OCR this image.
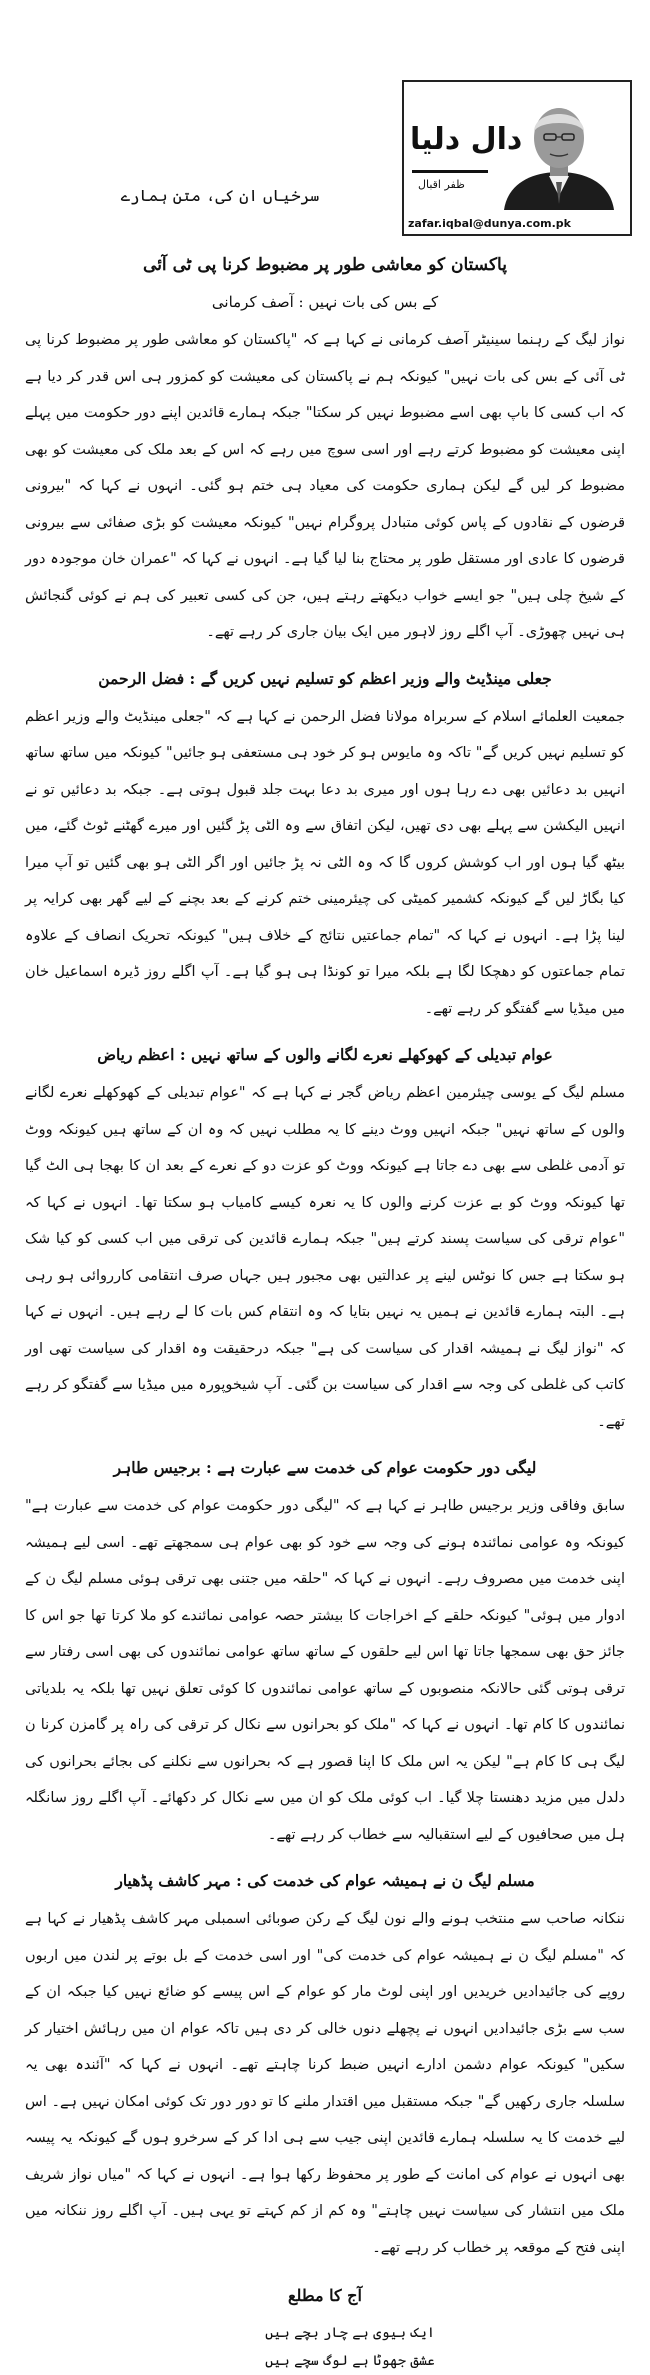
دال دلیا
ظفر اقبال
zafar.iqbal@dunya.com.pk
سرخیاں ان کی، متن ہمارے
پاکستان کو معاشی طور پر مضبوط کرنا پی ٹی آئی
کے بس کی بات نہیں : آصف کرمانی

نواز لیگ کے رہنما سینیٹر آصف کرمانی نے کہا ہے کہ "پاکستان کو معاشی طور پر مضبوط کرنا پی ٹی آئی کے بس کی بات نہیں" کیونکہ ہم نے پاکستان کی معیشت کو کمزور ہی اس قدر کر دیا ہے کہ اب کسی کا باپ بھی اسے مضبوط نہیں کر سکتا" جبکہ ہمارے قائدین اپنے دور حکومت میں پہلے اپنی معیشت کو مضبوط کرتے رہے اور اسی سوچ میں رہے کہ اس کے بعد ملک کی معیشت کو بھی مضبوط کر لیں گے لیکن ہماری حکومت کی معیاد ہی ختم ہو گئی۔ انہوں نے کہا کہ "بیرونی قرضوں کے نقادوں کے پاس کوئی متبادل پروگرام نہیں" کیونکہ معیشت کو بڑی صفائی سے بیرونی قرضوں کا عادی اور مستقل طور پر محتاج بنا لیا گیا ہے۔ انہوں نے کہا کہ "عمران خان موجودہ دور کے شیخ چلی ہیں" جو ایسے خواب دیکھتے رہتے ہیں، جن کی کسی تعبیر کی ہم نے کوئی گنجائش ہی نہیں چھوڑی۔ آپ اگلے روز لاہور میں ایک بیان جاری کر رہے تھے۔

جعلی مینڈیٹ والے وزیر اعظم کو تسلیم نہیں کریں گے : فضل الرحمن

جمعیت العلمائے اسلام کے سربراہ مولانا فضل الرحمن نے کہا ہے کہ "جعلی مینڈیٹ والے وزیر اعظم کو تسلیم نہیں کریں گے" تاکہ وہ مایوس ہو کر خود ہی مستعفی ہو جائیں" کیونکہ میں ساتھ ساتھ انہیں بد دعائیں بھی دے رہا ہوں اور میری بد دعا بہت جلد قبول ہوتی ہے۔ جبکہ بد دعائیں تو نے انہیں الیکشن سے پہلے بھی دی تھیں، لیکن اتفاق سے وہ الٹی پڑ گئیں اور میرے گھٹنے ٹوٹ گئے، میں بیٹھ گیا ہوں اور اب کوشش کروں گا کہ وہ الٹی نہ پڑ جائیں اور اگر الٹی ہو بھی گئیں تو آپ میرا کیا بگاڑ لیں گے کیونکہ کشمیر کمیٹی کی چیئرمینی ختم کرنے کے بعد بچنے کے لیے گھر بھی کرایہ پر لینا پڑا ہے۔ انہوں نے کہا کہ "تمام جماعتیں نتائج کے خلاف ہیں" کیونکہ تحریک انصاف کے علاوہ تمام جماعتوں کو دھچکا لگا ہے بلکہ میرا تو کونڈا ہی ہو گیا ہے۔ آپ اگلے روز ڈیرہ اسماعیل خان میں میڈیا سے گفتگو کر رہے تھے۔

عوام تبدیلی کے کھوکھلے نعرے لگانے والوں کے ساتھ نہیں : اعظم ریاض

مسلم لیگ کے یوسی چیئرمین اعظم ریاض گجر نے کہا ہے کہ "عوام تبدیلی کے کھوکھلے نعرے لگانے والوں کے ساتھ نہیں" جبکہ انہیں ووٹ دینے کا یہ مطلب نہیں کہ وہ ان کے ساتھ ہیں کیونکہ ووٹ تو آدمی غلطی سے بھی دے جاتا ہے کیونکہ ووٹ کو عزت دو کے نعرے کے بعد ان کا بھجا ہی الٹ گیا تھا کیونکہ ووٹ کو بے عزت کرنے والوں کا یہ نعرہ کیسے کامیاب ہو سکتا تھا۔ انہوں نے کہا کہ "عوام ترقی کی سیاست پسند کرتے ہیں" جبکہ ہمارے قائدین کی ترقی میں اب کسی کو کیا شک ہو سکتا ہے جس کا نوٹس لینے پر عدالتیں بھی مجبور ہیں جہاں صرف انتقامی کارروائی ہو رہی ہے۔ البتہ ہمارے قائدین نے ہمیں یہ نہیں بتایا کہ وہ انتقام کس بات کا لے رہے ہیں۔ انہوں نے کہا کہ "نواز لیگ نے ہمیشہ اقدار کی سیاست کی ہے" جبکہ درحقیقت وہ اقدار کی سیاست تھی اور کاتب کی غلطی کی وجہ سے اقدار کی سیاست بن گئی۔ آپ شیخوپورہ میں میڈیا سے گفتگو کر رہے تھے۔

لیگی دور حکومت عوام کی خدمت سے عبارت ہے : برجیس طاہر

سابق وفاقی وزیر برجیس طاہر نے کہا ہے کہ "لیگی دور حکومت عوام کی خدمت سے عبارت ہے" کیونکہ وہ عوامی نمائندہ ہونے کی وجہ سے خود کو بھی عوام ہی سمجھتے تھے۔ اسی لیے ہمیشہ اپنی خدمت میں مصروف رہے۔ انہوں نے کہا کہ "حلقہ میں جتنی بھی ترقی ہوئی مسلم لیگ ن کے ادوار میں ہوئی" کیونکہ حلقے کے اخراجات کا بیشتر حصہ عوامی نمائندے کو ملا کرتا تھا جو اس کا جائز حق بھی سمجھا جاتا تھا اس لیے حلقوں کے ساتھ ساتھ عوامی نمائندوں کی بھی اسی رفتار سے ترقی ہوتی گئی حالانکہ منصوبوں کے ساتھ عوامی نمائندوں کا کوئی تعلق نہیں تھا بلکہ یہ بلدیاتی نمائندوں کا کام تھا۔ انہوں نے کہا کہ "ملک کو بحرانوں سے نکال کر ترقی کی راہ پر گامزن کرنا ن لیگ ہی کا کام ہے" لیکن یہ اس ملک کا اپنا قصور ہے کہ بحرانوں سے نکلنے کی بجائے بحرانوں کی دلدل میں مزید دھنستا چلا گیا۔ اب کوئی ملک کو ان میں سے نکال کر دکھائے۔ آپ اگلے روز سانگلہ ہل میں صحافیوں کے لیے استقبالیہ سے خطاب کر رہے تھے۔

مسلم لیگ ن نے ہمیشہ عوام کی خدمت کی : مہر کاشف پڈھیار

ننکانہ صاحب سے منتخب ہونے والے نون لیگ کے رکن صوبائی اسمبلی مہر کاشف پڈھیار نے کہا ہے کہ "مسلم لیگ ن نے ہمیشہ عوام کی خدمت کی" اور اسی خدمت کے بل بوتے پر لندن میں اربوں روپے کی جائیدادیں خریدیں اور اپنی لوٹ مار کو عوام کے اس پیسے کو ضائع نہیں کیا جبکہ ان کے سب سے بڑی جائیدادیں انہوں نے پچھلے دنوں خالی کر دی ہیں تاکہ عوام ان میں رہائش اختیار کر سکیں" کیونکہ عوام دشمن ادارے انہیں ضبط کرنا چاہتے تھے۔ انہوں نے کہا کہ "آئندہ بھی یہ سلسلہ جاری رکھیں گے" جبکہ مستقبل میں اقتدار ملنے کا تو دور دور تک کوئی امکان نہیں ہے۔ اس لیے خدمت کا یہ سلسلہ ہمارے قائدین اپنی جیب سے ہی ادا کر کے سرخرو ہوں گے کیونکہ یہ پیسہ بھی انہوں نے عوام کی امانت کے طور پر محفوظ رکھا ہوا ہے۔ انہوں نے کہا کہ "میاں نواز شریف ملک میں انتشار کی سیاست نہیں چاہتے" وہ کم از کم کہتے تو یہی ہیں۔ آپ اگلے روز ننکانہ میں اپنی فتح کے موقعہ پر خطاب کر رہے تھے۔

آج کا مطلع
ایک بیوی ہے چار بچے ہیں
عشق جھوٹا ہے لوگ سچے ہیں
